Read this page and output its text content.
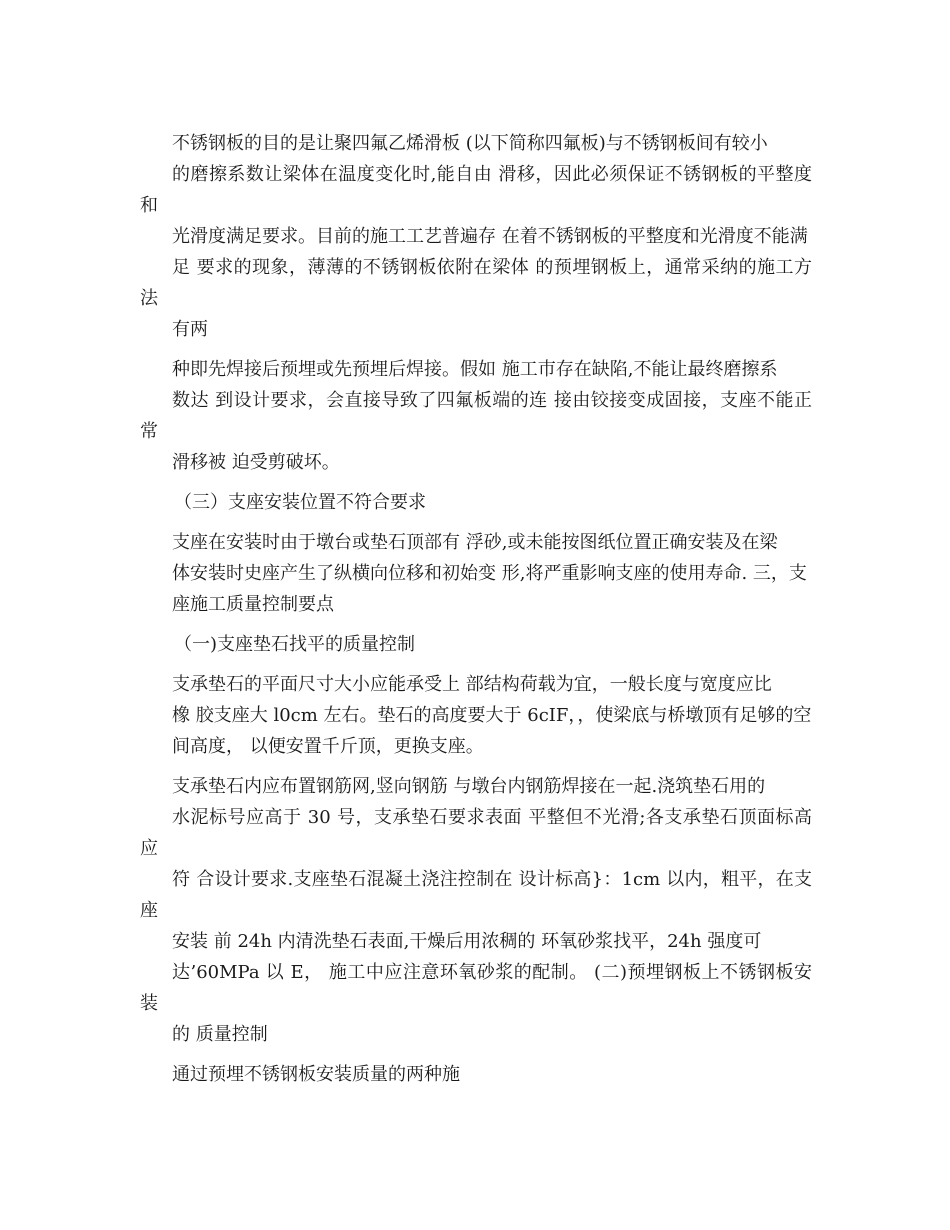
不锈钢板的目的是让聚四氟乙烯滑板 (以下简称四氟板)与不锈钢板间有较小
的磨擦系数让梁体在温度变化时,能自由 滑移，因此必须保证不锈钢板的平整度和
光滑度满足要求。目前的施工工艺普遍存 在着不锈钢板的平整度和光滑度不能满
足 要求的现象，薄薄的不锈钢板依附在梁体 的预埋钢板上，通常采纳的施工方法
有两

种即先焊接后预埋或先预埋后焊接。假如 施工巿存在缺陷,不能让最终磨擦系
数达 到设计要求，会直接导致了四氟板端的连 接由铰接变成固接，支座不能正常
滑移被 迫受剪破坏。

（三）支座安装位置不符合要求

支座在安装时由于墩台或垫石顶部有 浮砂,或未能按图纸位置正确安装及在梁
体安装时史座产生了纵横向位移和初始变 形,将严重影响支座的使用寿命. 三，支
座施工质量控制要点

（一)支座垫石找平的质量控制

支承垫石的平面尺寸大小应能承受上 部结构荷载为宜，一般长度与宽度应比
橡 胶支座大 l0cm 左右。垫石的高度要大于 6cIF，，使梁底与桥墩顶有足够的空
间高度， 以便安置千斤顶，更换支座。

支承垫石内应布置钢筋网,竖向钢筋 与墩台内钢筋焊接在一起.浇筑垫石用的
水泥标号应高于 30 号，支承垫石要求表面 平整但不光滑;各支承垫石顶面标高应
符 合设计要求.支座垫石混凝土浇注控制在 设计标高}：1cm 以内，粗平，在支座
安装 前 24h 内清洗垫石表面,干燥后用浓稠的 环氧砂浆找平，24h 强度可
达’60MPa 以 E， 施工中应注意环氧砂浆的配制。 (二)预埋钢板上不锈钢板安装
的 质量控制

通过预埋不锈钢板安装质量的两种施
